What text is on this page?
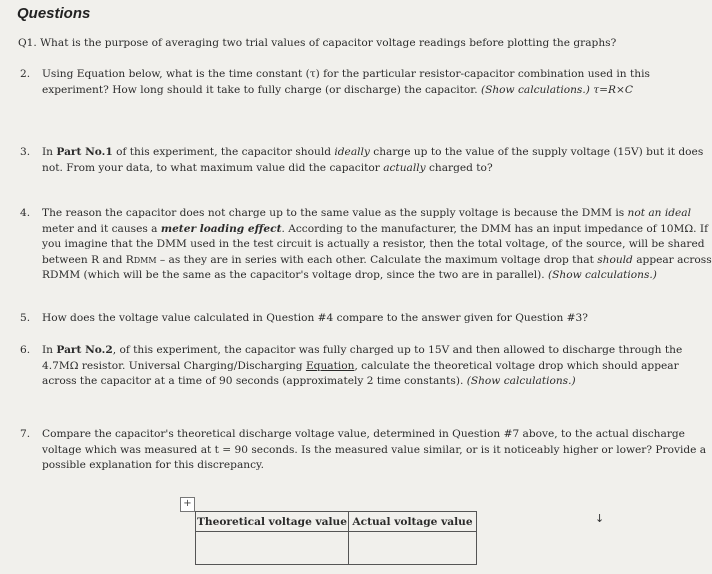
Questions
Q1. What is the purpose of averaging two trial values of capacitor voltage readings before plotting the graphs?
2. Using Equation below, what is the time constant (τ) for the particular resistor-capacitor combination used in this
experiment? How long should it take to fully charge (or discharge) the capacitor. (Show calculations.) τ=R×C
3. In Part No.1 of this experiment, the capacitor should ideally charge up to the value of the supply voltage (15V) but it does
not. From your data, to what maximum value did the capacitor actually charged to?
4. The reason the capacitor does not charge up to the same value as the supply voltage is because the DMM is not an ideal
meter and it causes a meter loading effect. According to the manufacturer, the DMM has an input impedance of 10MΩ. If
you imagine that the DMM used in the test circuit is actually a resistor, then the total voltage, of the source, will be shared
between R and RDMM – as they are in series with each other. Calculate the maximum voltage drop that should appear across
RDMM (which will be the same as the capacitor's voltage drop, since the two are in parallel). (Show calculations.)
5. How does the voltage value calculated in Question #4 compare to the answer given for Question #3?
6. In Part No.2, of this experiment, the capacitor was fully charged up to 15V and then allowed to discharge through the
4.7MΩ resistor. Universal Charging/Discharging Equation, calculate the theoretical voltage drop which should appear
across the capacitor at a time of 90 seconds (approximately 2 time constants). (Show calculations.)
7. Compare the capacitor's theoretical discharge voltage value, determined in Question #7 above, to the actual discharge
voltage which was measured at t = 90 seconds. Is the measured value similar, or is it noticeably higher or lower? Provide a
possible explanation for this discrepancy.
+
Theoretical voltage value	Actual voltage value
		↓
